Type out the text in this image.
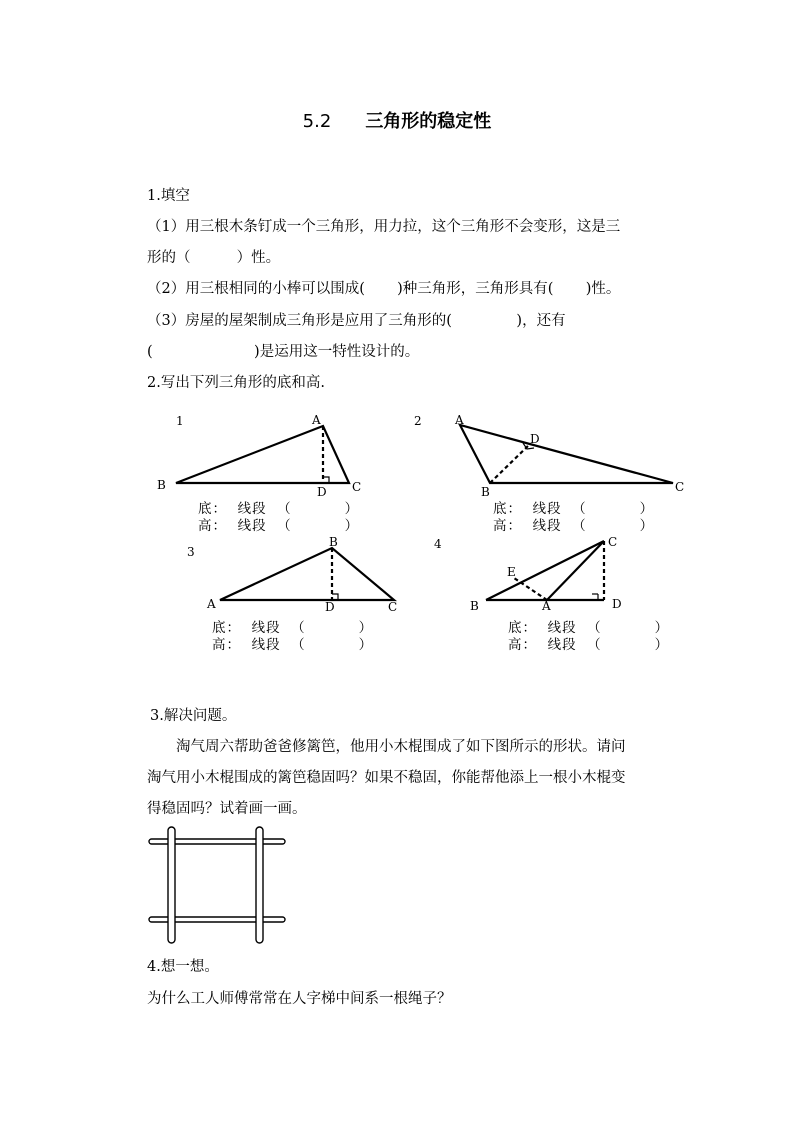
5.2 三角形的稳定性
1.填空
（1）用三根木条钉成一个三角形，用力拉，这个三角形不会变形，这是三
形的（          ）性。
（2）用三根相同的小棒可以围成(       )种三角形，三角形具有(       )性。
（3）房屋的屋架制成三角形是应用了三角形的(              )，还有
(                      )是运用这一特性设计的。
2.写出下列三角形的底和高.
1	A
B	C
D
2	A
B	C
D
3
B
A	C
D
4
E
C
B	A	D
底：  线段  （          ）
高：  线段  （          ）
底：  线段  （          ）
高：  线段  （          ）
底：  线段  （          ）
高：  线段  （          ）
底：  线段  （          ）
高：  线段  （          ）
3.解决问题。
淘气周六帮助爸爸修篱笆，他用小木棍围成了如下图所示的形状。请问
淘气用小木棍围成的篱笆稳固吗？如果不稳固，你能帮他添上一根小木棍变
得稳固吗？试着画一画。
4.想一想。
为什么工人师傅常常在人字梯中间系一根绳子？
